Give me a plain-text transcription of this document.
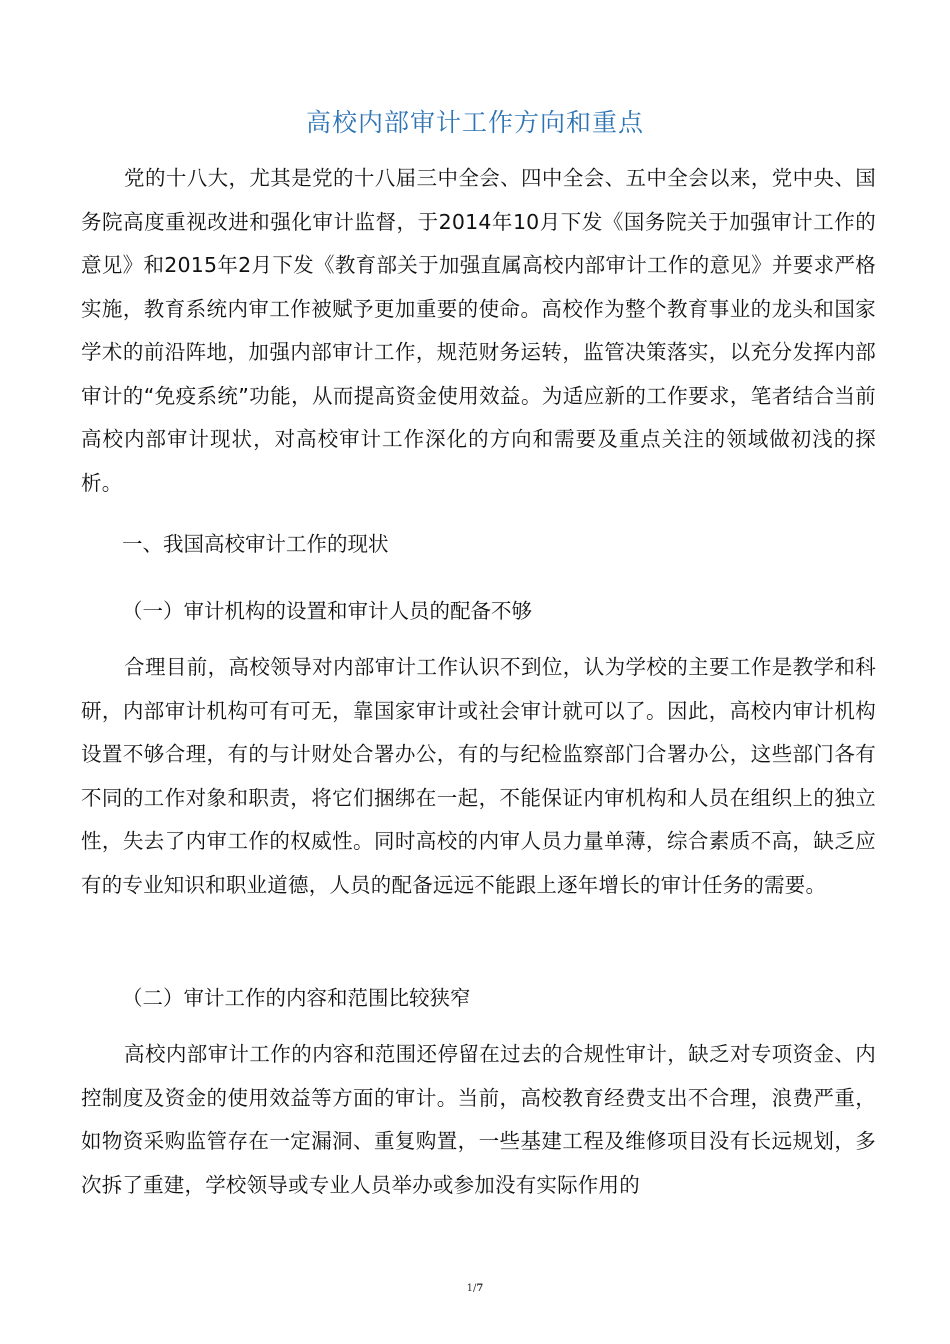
高校内部审计工作方向和重点

党的十八大，尤其是党的十八届三中全会、四中全会、五中全会以来，党中央、国务院高度重视改进和强化审计监督，于2014年10月下发《国务院关于加强审计工作的意见》和2015年2月下发《教育部关于加强直属高校内部审计工作的意见》并要求严格实施，教育系统内审工作被赋予更加重要的使命。高校作为整个教育事业的龙头和国家学术的前沿阵地，加强内部审计工作，规范财务运转，监管决策落实，以充分发挥内部审计的“免疫系统”功能，从而提高资金使用效益。为适应新的工作要求，笔者结合当前高校内部审计现状，对高校审计工作深化的方向和需要及重点关注的领域做初浅的探析。

一、我国高校审计工作的现状

（一）审计机构的设置和审计人员的配备不够

合理目前，高校领导对内部审计工作认识不到位，认为学校的主要工作是教学和科研，内部审计机构可有可无，靠国家审计或社会审计就可以了。因此，高校内审计机构设置不够合理，有的与计财处合署办公，有的与纪检监察部门合署办公，这些部门各有不同的工作对象和职责，将它们捆绑在一起，不能保证内审机构和人员在组织上的独立性，失去了内审工作的权威性。同时高校的内审人员力量单薄，综合素质不高，缺乏应有的专业知识和职业道德，人员的配备远远不能跟上逐年增长的审计任务的需要。

（二）审计工作的内容和范围比较狭窄

高校内部审计工作的内容和范围还停留在过去的合规性审计，缺乏对专项资金、内控制度及资金的使用效益等方面的审计。当前，高校教育经费支出不合理，浪费严重，如物资采购监管存在一定漏洞、重复购置，一些基建工程及维修项目没有长远规划，多次拆了重建，学校领导或专业人员举办或参加没有实际作用的

1/7
